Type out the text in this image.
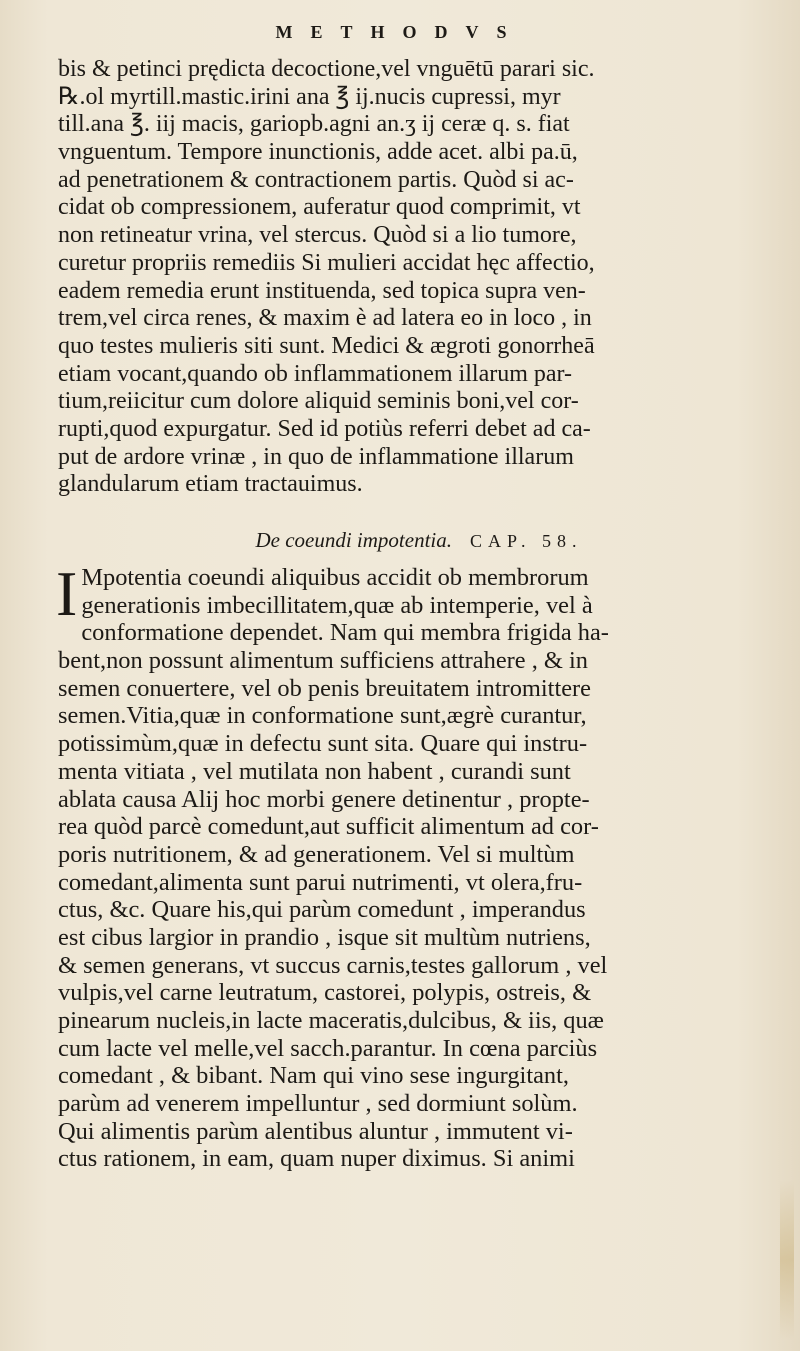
METHODVS
bis & petinci prędicta decoctione,vel vnguētū parari sic.
℞.ol myrtill.mastic.irini ana ℥ ij.nucis cupressi, myr
till.ana ℥. iij macis, gariopb.agni an.ʒ ij ceræ q. s. fiat
vnguentum. Tempore inunctionis, adde acet. albi pa.ū,
ad penetrationem & contractionem partis. Quòd si ac-
cidat ob compressionem, auferatur quod comprimit, vt
non retineatur vrina, vel stercus. Quòd si a lio tumore,
curetur propriis remediis Si mulieri accidat hęc affectio,
eadem remedia erunt instituenda, sed topica supra ven-
trem,vel circa renes, & maxim è ad latera eo in loco , in
quo testes mulieris siti sunt. Medici & ægroti gonorrheā
etiam vocant,quando ob inflammationem illarum par-
tium,reiicitur cum dolore aliquid seminis boni,vel cor-
rupti,quod expurgatur. Sed id potiùs referri debet ad ca-
put de ardore vrinæ , in quo de inflammatione illarum
glandularum etiam tractauimus.
De coeundi impotentia. CAP. 58.
I Mpotentia coeundi aliquibus accidit ob membrorum
generationis imbecillitatem,quæ ab intemperie, vel à
conformatione dependet. Nam qui membra frigida ha-
bent,non possunt alimentum sufficiens attrahere , & in
semen conuertere, vel ob penis breuitatem intromittere
semen.Vitia,quæ in conformatione sunt,ægrè curantur,
potissimùm,quæ in defectu sunt sita. Quare qui instru-
menta vitiata , vel mutilata non habent , curandi sunt
ablata causa Alij hoc morbi genere detinentur , propte-
rea quòd parcè comedunt,aut sufficit alimentum ad cor-
poris nutritionem, & ad generationem. Vel si multùm
comedant,alimenta sunt parui nutrimenti, vt olera,fru-
ctus, &c. Quare his,qui parùm comedunt , imperandus
est cibus largior in prandio , isque sit multùm nutriens,
& semen generans, vt succus carnis,testes gallorum , vel
vulpis,vel carne leutratum, castorei, polypis, ostreis, &
pinearum nucleis,in lacte maceratis,dulcibus, & iis, quæ
cum lacte vel melle,vel sacch.parantur. In cœna parciùs
comedant , & bibant. Nam qui vino sese ingurgitant,
parùm ad venerem impelluntur , sed dormiunt solùm.
Qui alimentis parùm alentibus aluntur , immutent vi-
ctus rationem, in eam, quam nuper diximus. Si animi
